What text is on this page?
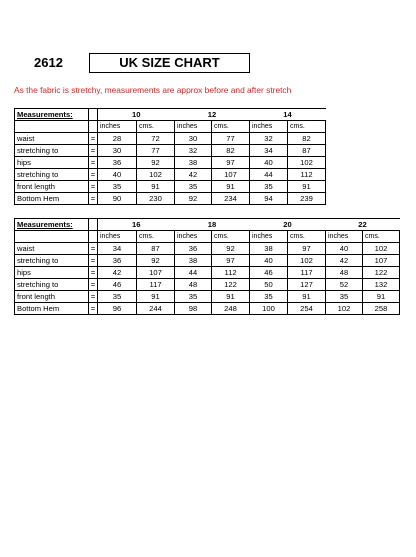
2612	UK SIZE CHART
As the fabric is stretchy, measurements are approx before and after stretch
Measurements:		10		12		14	
		inches	cms.	inches	cms.	inches	cms.
waist	=	28	72	30	77	32	82
stretching to	=	30	77	32	82	34	87
hips	=	36	92	38	97	40	102
stretching to	=	40	102	42	107	44	112
front length	=	35	91	35	91	35	91
Bottom Hem	=	90	230	92	234	94	239
Measurements:		16		18		20		22	
		inches	cms.	inches	cms.	inches	cms.	inches	cms.
waist	=	34	87	36	92	38	97	40	102
stretching to	=	36	92	38	97	40	102	42	107
hips	=	42	107	44	112	46	117	48	122
stretching to	=	46	117	48	122	50	127	52	132
front length	=	35	91	35	91	35	91	35	91
Bottom Hem	=	96	244	98	248	100	254	102	258
